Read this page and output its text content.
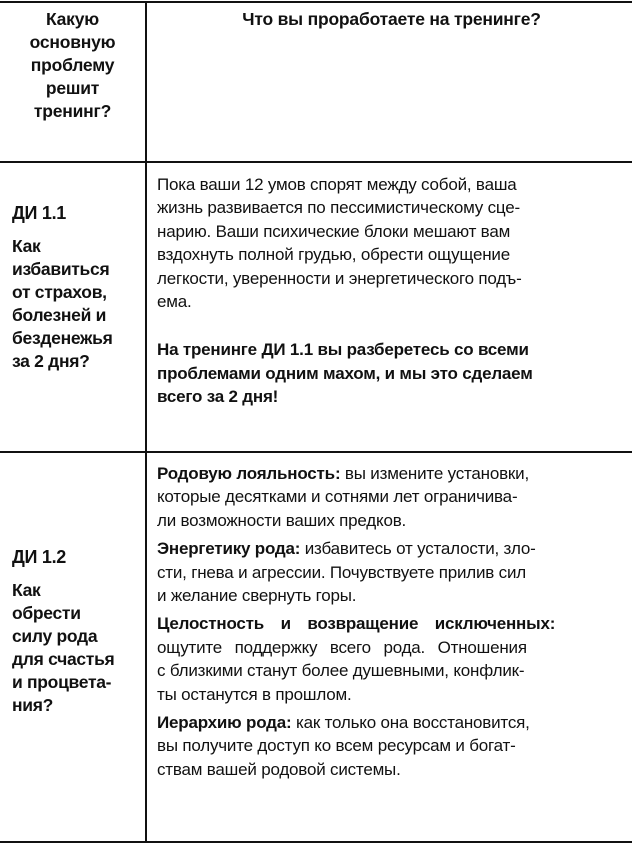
Какую
основную
проблему
решит
тренинг?
Что вы проработаете на тренинге?
ДИ 1.1
Как
избавиться
от страхов,
болезней и
безденежья
за 2 дня?
Пока ваши 12 умов спорят между собой, ваша
жизнь развивается по пессимистическому сце-
нарию. Ваши психические блоки мешают вам
вздохнуть полной грудью, обрести ощущение
легкости, уверенности и энергетического подъ-
ема.
На тренинге ДИ 1.1 вы разберетесь со всеми
проблемами одним махом, и мы это сделаем
всего за 2 дня!
ДИ 1.2
Как
обрести
силу рода
для счастья
и процвета-
ния?
Родовую лояльность: вы измените установки,
которые десятками и сотнями лет ограничива-
ли возможности ваших предков.
Энергетику рода: избавитесь от усталости, зло-
сти, гнева и агрессии. Почувствуете прилив сил
и желание свернуть горы.
Целостность и возвращение исключенных:
ощутите поддержку всего рода. Отношения
с близкими станут более душевными, конфлик-
ты останутся в прошлом.
Иерархию рода: как только она восстановится,
вы получите доступ ко всем ресурсам и богат-
ствам вашей родовой системы.
